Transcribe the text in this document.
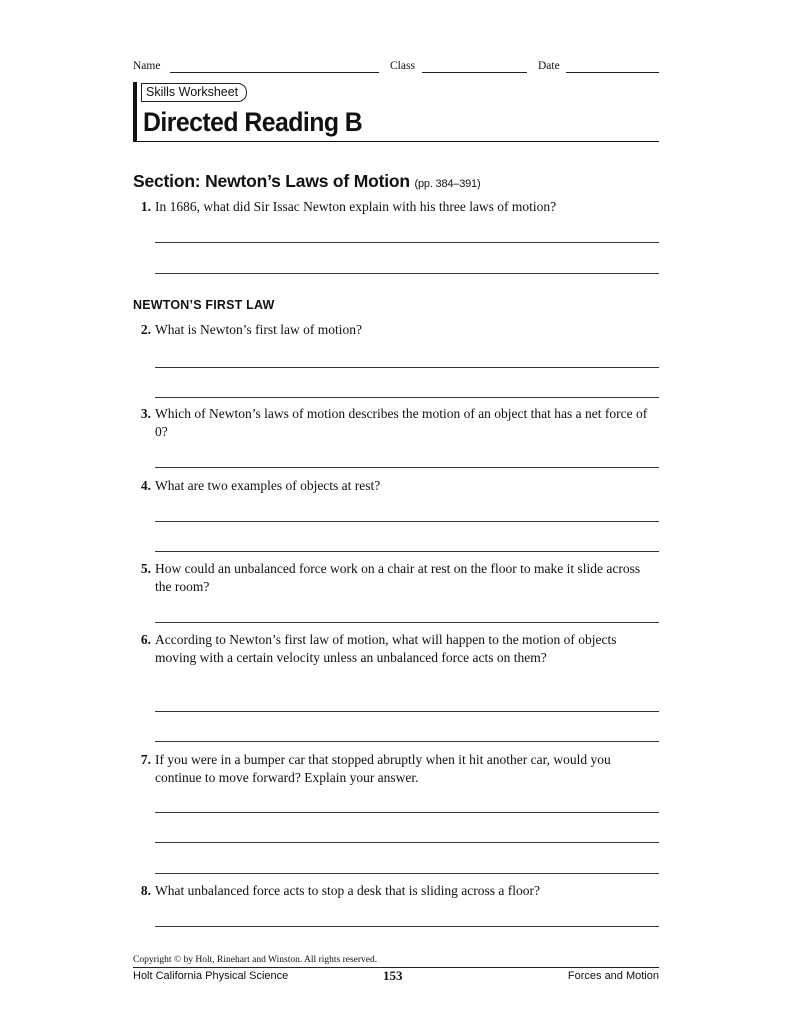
Name	Class	Date
Skills Worksheet
Directed Reading B
Section: Newton’s Laws of Motion (pp. 384–391)
1. In 1686, what did Sir Issac Newton explain with his three laws of motion?
NEWTON’S FIRST LAW
2. What is Newton’s first law of motion?
3. Which of Newton’s laws of motion describes the motion of an object that has a net force of 0?
4. What are two examples of objects at rest?
5. How could an unbalanced force work on a chair at rest on the floor to make it slide across the room?
6. According to Newton’s first law of motion, what will happen to the motion of objects moving with a certain velocity unless an unbalanced force acts on them?
7. If you were in a bumper car that stopped abruptly when it hit another car, would you continue to move forward? Explain your answer.
8. What unbalanced force acts to stop a desk that is sliding across a floor?
Copyright © by Holt, Rinehart and Winston. All rights reserved.
Holt California Physical Science	153	Forces and Motion
